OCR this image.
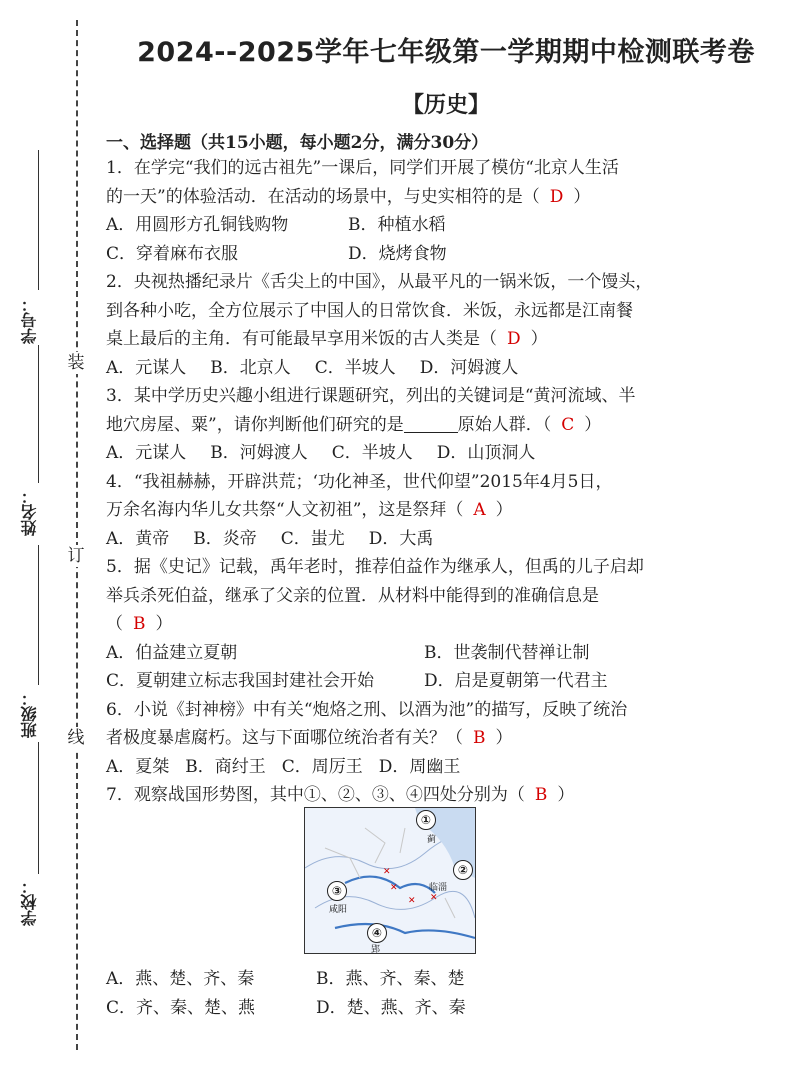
装
订
线
学号：
姓名：
班级：
学校：
2024--2025学年七年级第一学期期中检测联考卷
【历史】
一、选择题（共15小题，每小题2分，满分30分）
1．在学完“我们的远古祖先”一课后，同学们开展了模仿“北京人生活
的一天”的体验活动．在活动的场景中，与史实相符的是（ D ）
A．用圆形方孔铜钱购物	B．种植水稻
C．穿着麻布衣服	D．烧烤食物
2．央视热播纪录片《舌尖上的中国》，从最平凡的一锅米饭，一个馒头，
到各种小吃，全方位展示了中国人的日常饮食．米饭，永远都是江南餐
桌上最后的主角．有可能最早享用米饭的古人类是（ D ）
A．元谋人 B．北京人 C．半坡人 D．河姆渡人
3．某中学历史兴趣小组进行课题研究，列出的关键词是“黄河流域、半
地穴房屋、粟”，请你判断他们研究的是	原始人群．（ C ）
A．元谋人 B．河姆渡人 C．半坡人 D．山顶洞人
4．“我祖赫赫，开辟洪荒；‘功化神圣，世代仰望”2015年4月5日，
万余名海内华儿女共祭“人文初祖”，这是祭拜（ A ）
A．黄帝 B．炎帝 C．蚩尤 D．大禹
5．据《史记》记载，禹年老时，推荐伯益作为继承人，但禹的儿子启却
举兵杀死伯益，继承了父亲的位置．从材料中能得到的准确信息是
（ B ）
A．伯益建立夏朝	B．世袭制代替禅让制
C．夏朝建立标志我国封建社会开始	D．启是夏朝第一代君主
6．小说《封神榜》中有关“炮烙之刑、以酒为池”的描写，反映了统治
者极度暴虐腐朽。这与下面哪位统治者有关？（ B ）
A．夏桀 B．商纣王 C．周厉王 D．周幽王
7．观察战国形势图，其中①、②、③、④四处分别为（ B ）
✕
✕ ✕
✕
①
②
③
④
蓟
临淄
咸阳
郢
A．燕、楚、齐、秦	B．燕、齐、秦、楚
C．齐、秦、楚、燕	D．楚、燕、齐、秦
